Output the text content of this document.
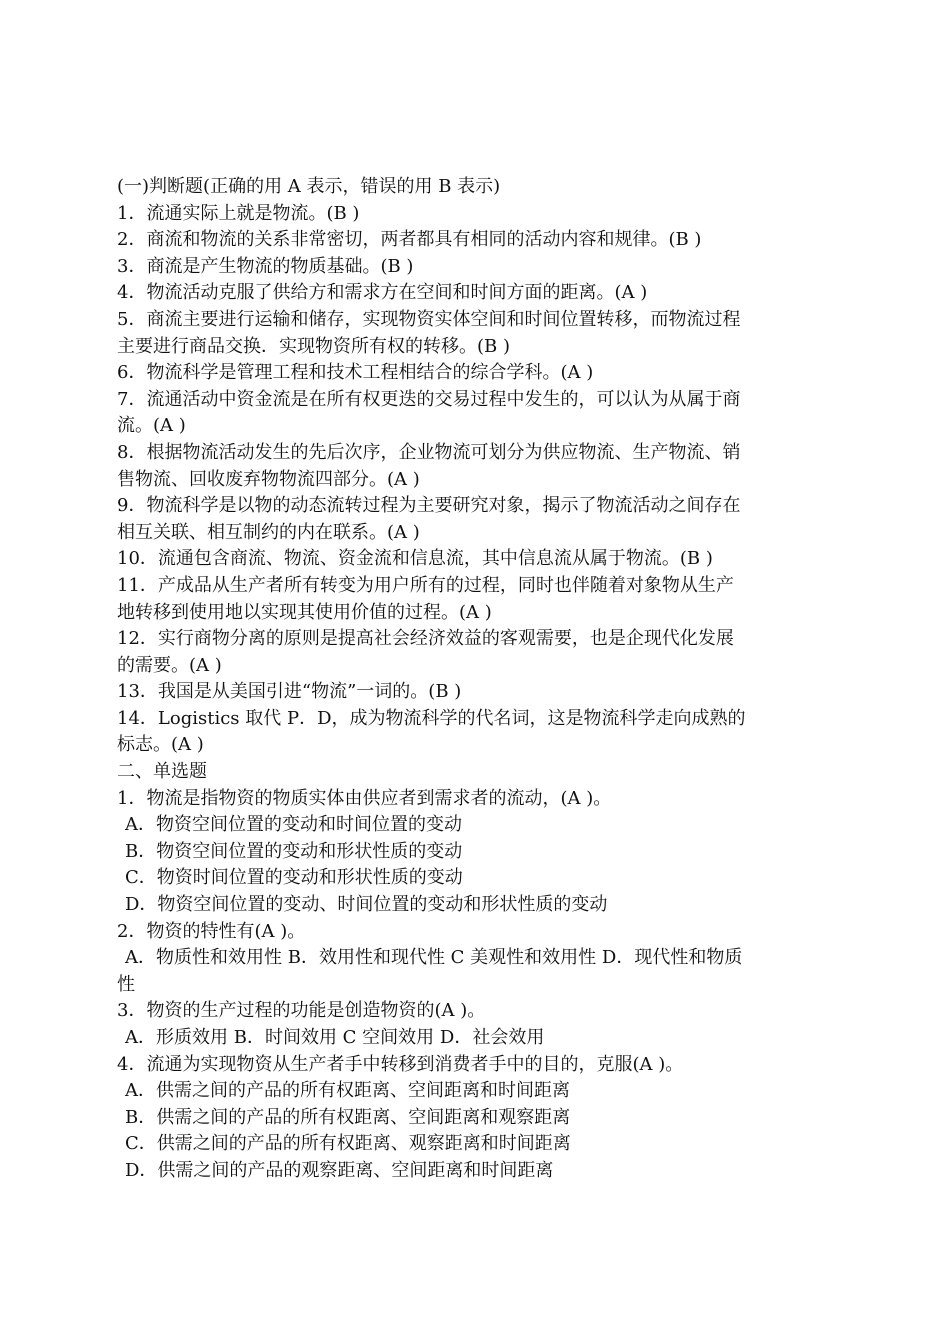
(一)判断题(正确的用 A 表示，错误的用 B 表示)
1．流通实际上就是物流。(B )
2．商流和物流的关系非常密切，两者都具有相同的活动内容和规律。(B )
3．商流是产生物流的物质基础。(B )
4．物流活动克服了供给方和需求方在空间和时间方面的距离。(A )
5．商流主要进行运输和储存，实现物资实体空间和时间位置转移，而物流过程
主要进行商品交换．实现物资所有权的转移。(B )
6．物流科学是管理工程和技术工程相结合的综合学科。(A )
7．流通活动中资金流是在所有权更迭的交易过程中发生的，可以认为从属于商
流。(A )
8．根据物流活动发生的先后次序，企业物流可划分为供应物流、生产物流、销
售物流、回收废弃物物流四部分。(A )
9．物流科学是以物的动态流转过程为主要研究对象，揭示了物流活动之间存在
相互关联、相互制约的内在联系。(A )
10．流通包含商流、物流、资金流和信息流，其中信息流从属于物流。(B )
11．产成品从生产者所有转变为用户所有的过程，同时也伴随着对象物从生产
地转移到使用地以实现其使用价值的过程。(A )
12．实行商物分离的原则是提高社会经济效益的客观需要，也是企现代化发展
的需要。(A )
13．我国是从美国引进“物流”一词的。(B )
14．Logistics 取代 P．D，成为物流科学的代名词，这是物流科学走向成熟的
标志。(A )
二、单选题
1．物流是指物资的物质实体由供应者到需求者的流动，(A )。
A．物资空间位置的变动和时间位置的变动
B．物资空间位置的变动和形状性质的变动
C．物资时间位置的变动和形状性质的变动
D．物资空间位置的变动、时间位置的变动和形状性质的变动
2．物资的特性有(A )。
A．物质性和效用性 B．效用性和现代性 C 美观性和效用性 D．现代性和物质
性
3．物资的生产过程的功能是创造物资的(A )。
A．形质效用 B．时间效用 C 空间效用 D．社会效用
4．流通为实现物资从生产者手中转移到消费者手中的目的，克服(A )。
A．供需之间的产品的所有权距离、空间距离和时间距离
B．供需之间的产品的所有权距离、空间距离和观察距离
C．供需之间的产品的所有权距离、观察距离和时间距离
D．供需之间的产品的观察距离、空间距离和时间距离
